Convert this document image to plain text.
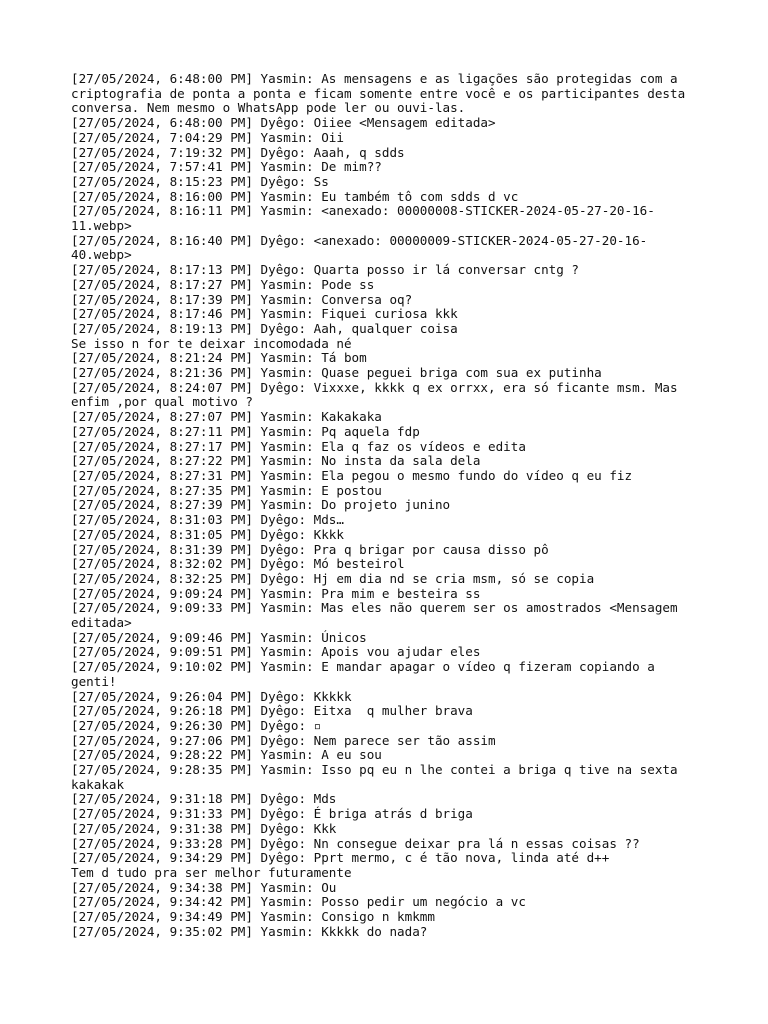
[27/05/2024, 6:48:00 PM] Yasmin: As mensagens e as ligações são protegidas com a
criptografia de ponta a ponta e ficam somente entre você e os participantes desta
conversa. Nem mesmo o WhatsApp pode ler ou ouvi-las.
[27/05/2024, 6:48:00 PM] Dyêgo: Oiiee <Mensagem editada>
[27/05/2024, 7:04:29 PM] Yasmin: Oii
[27/05/2024, 7:19:32 PM] Dyêgo: Aaah, q sdds
[27/05/2024, 7:57:41 PM] Yasmin: De mim??
[27/05/2024, 8:15:23 PM] Dyêgo: Ss
[27/05/2024, 8:16:00 PM] Yasmin: Eu também tô com sdds d vc
[27/05/2024, 8:16:11 PM] Yasmin: <anexado: 00000008-STICKER-2024-05-27-20-16-
11.webp>
[27/05/2024, 8:16:40 PM] Dyêgo: <anexado: 00000009-STICKER-2024-05-27-20-16-
40.webp>
[27/05/2024, 8:17:13 PM] Dyêgo: Quarta posso ir lá conversar cntg ?
[27/05/2024, 8:17:27 PM] Yasmin: Pode ss
[27/05/2024, 8:17:39 PM] Yasmin: Conversa oq?
[27/05/2024, 8:17:46 PM] Yasmin: Fiquei curiosa kkk
[27/05/2024, 8:19:13 PM] Dyêgo: Aah, qualquer coisa
Se isso n for te deixar incomodada né
[27/05/2024, 8:21:24 PM] Yasmin: Tá bom
[27/05/2024, 8:21:36 PM] Yasmin: Quase peguei briga com sua ex putinha
[27/05/2024, 8:24:07 PM] Dyêgo: Vixxxe, kkkk q ex orrxx, era só ficante msm. Mas
enfim ,por qual motivo ?
[27/05/2024, 8:27:07 PM] Yasmin: Kakakaka
[27/05/2024, 8:27:11 PM] Yasmin: Pq aquela fdp
[27/05/2024, 8:27:17 PM] Yasmin: Ela q faz os vídeos e edita
[27/05/2024, 8:27:22 PM] Yasmin: No insta da sala dela
[27/05/2024, 8:27:31 PM] Yasmin: Ela pegou o mesmo fundo do vídeo q eu fiz
[27/05/2024, 8:27:35 PM] Yasmin: E postou
[27/05/2024, 8:27:39 PM] Yasmin: Do projeto junino
[27/05/2024, 8:31:03 PM] Dyêgo: Mds…
[27/05/2024, 8:31:05 PM] Dyêgo: Kkkk
[27/05/2024, 8:31:39 PM] Dyêgo: Pra q brigar por causa disso pô
[27/05/2024, 8:32:02 PM] Dyêgo: Mó besteirol
[27/05/2024, 8:32:25 PM] Dyêgo: Hj em dia nd se cria msm, só se copia
[27/05/2024, 9:09:24 PM] Yasmin: Pra mim e besteira ss
[27/05/2024, 9:09:33 PM] Yasmin: Mas eles não querem ser os amostrados <Mensagem
editada>
[27/05/2024, 9:09:46 PM] Yasmin: Únicos
[27/05/2024, 9:09:51 PM] Yasmin: Apois vou ajudar eles
[27/05/2024, 9:10:02 PM] Yasmin: E mandar apagar o vídeo q fizeram copiando a
genti!
[27/05/2024, 9:26:04 PM] Dyêgo: Kkkkk
[27/05/2024, 9:26:18 PM] Dyêgo: Eitxa  q mulher brava
[27/05/2024, 9:26:30 PM] Dyêgo: ▫
[27/05/2024, 9:27:06 PM] Dyêgo: Nem parece ser tão assim
[27/05/2024, 9:28:22 PM] Yasmin: A eu sou
[27/05/2024, 9:28:35 PM] Yasmin: Isso pq eu n lhe contei a briga q tive na sexta
kakakak
[27/05/2024, 9:31:18 PM] Dyêgo: Mds
[27/05/2024, 9:31:33 PM] Dyêgo: É briga atrás d briga
[27/05/2024, 9:31:38 PM] Dyêgo: Kkk
[27/05/2024, 9:33:28 PM] Dyêgo: Nn consegue deixar pra lá n essas coisas ??
[27/05/2024, 9:34:29 PM] Dyêgo: Pprt mermo, c é tão nova, linda até d++
Tem d tudo pra ser melhor futuramente
[27/05/2024, 9:34:38 PM] Yasmin: Ou
[27/05/2024, 9:34:42 PM] Yasmin: Posso pedir um negócio a vc
[27/05/2024, 9:34:49 PM] Yasmin: Consigo n kmkmm
[27/05/2024, 9:35:02 PM] Yasmin: Kkkkk do nada?
